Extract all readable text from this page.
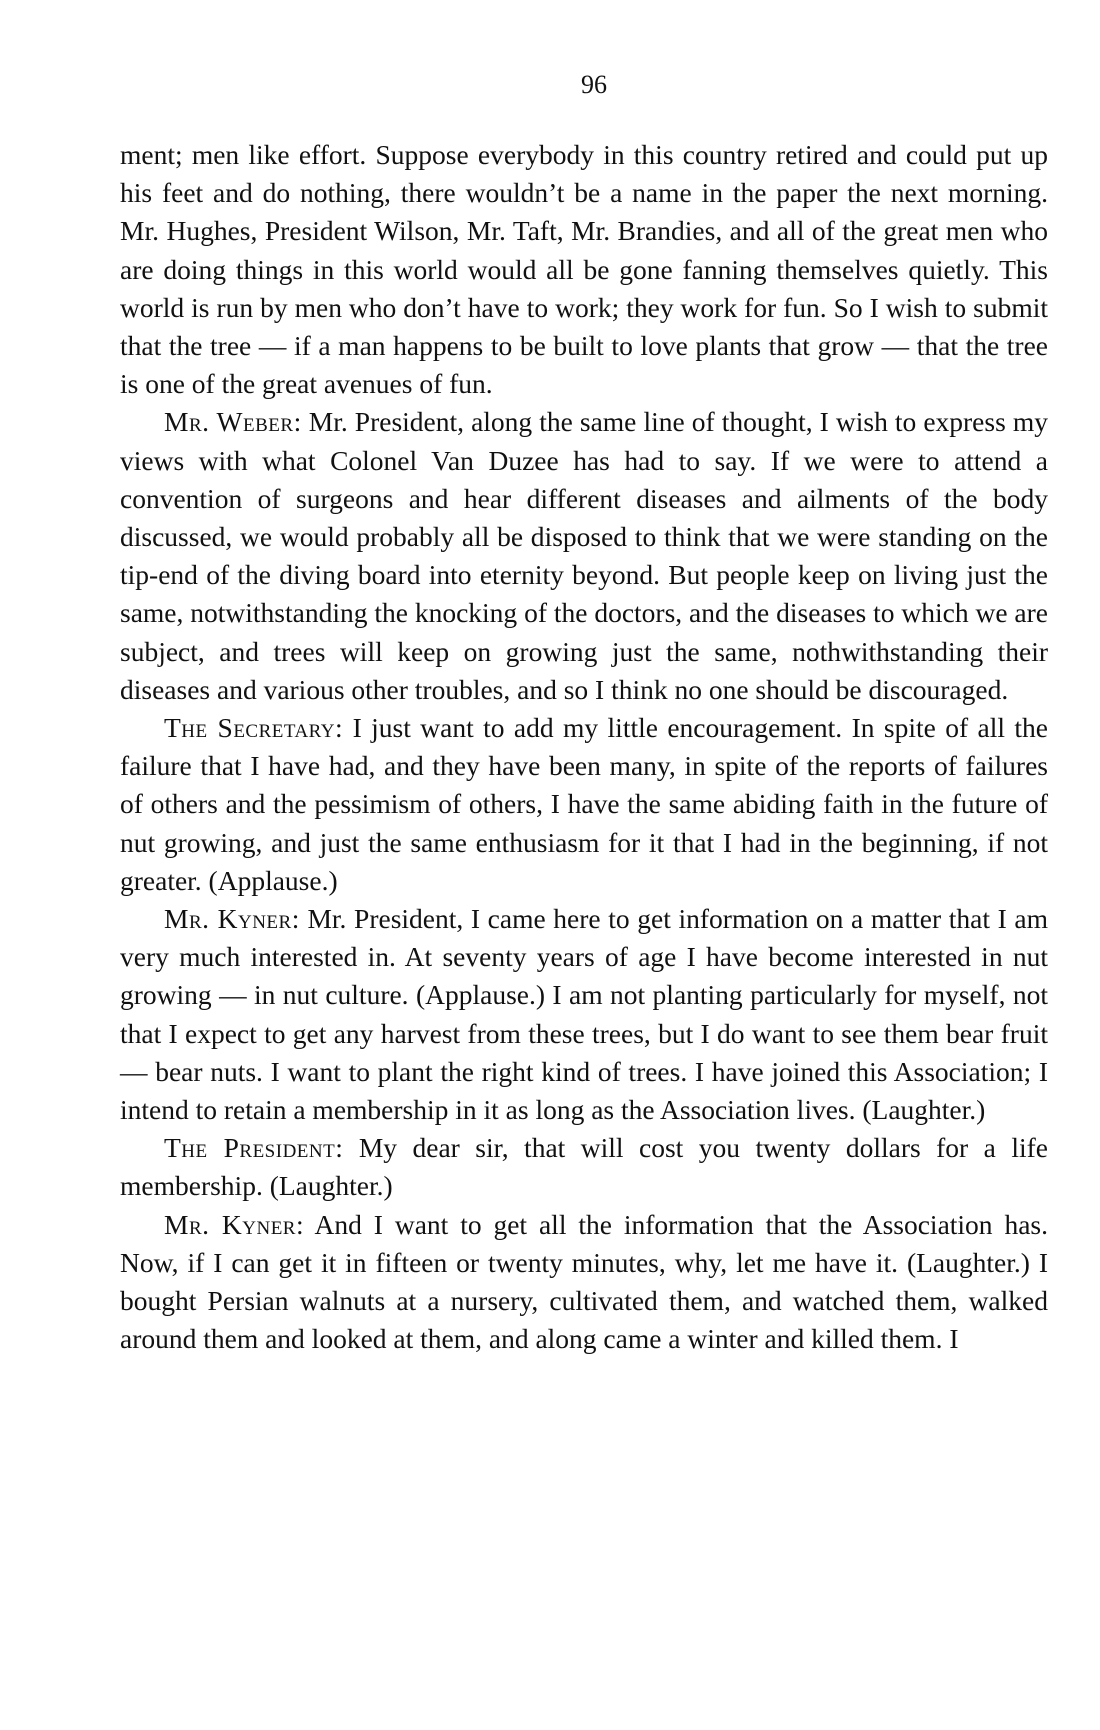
96

ment; men like effort. Suppose everybody in this country retired and could put up his feet and do nothing, there wouldn’t be a name in the paper the next morning. Mr. Hughes, President Wilson, Mr. Taft, Mr. Brandies, and all of the great men who are doing things in this world would all be gone fanning themselves quietly. This world is run by men who don’t have to work; they work for fun. So I wish to submit that the tree — if a man happens to be built to love plants that grow — that the tree is one of the great avenues of fun.

Mr. Weber: Mr. President, along the same line of thought, I wish to express my views with what Colonel Van Duzee has had to say. If we were to attend a convention of surgeons and hear different diseases and ailments of the body discussed, we would probably all be disposed to think that we were standing on the tip-end of the diving board into eternity beyond. But people keep on living just the same, notwithstanding the knocking of the doctors, and the diseases to which we are subject, and trees will keep on growing just the same, nothwithstanding their diseases and various other troubles, and so I think no one should be discouraged.

The Secretary: I just want to add my little encouragement. In spite of all the failure that I have had, and they have been many, in spite of the reports of failures of others and the pessimism of others, I have the same abiding faith in the future of nut growing, and just the same enthusiasm for it that I had in the beginning, if not greater. (Applause.)

Mr. Kyner: Mr. President, I came here to get information on a matter that I am very much interested in. At seventy years of age I have become interested in nut growing — in nut culture. (Applause.) I am not planting particularly for myself, not that I expect to get any harvest from these trees, but I do want to see them bear fruit — bear nuts. I want to plant the right kind of trees. I have joined this Association; I intend to retain a membership in it as long as the Association lives. (Laughter.)

The President: My dear sir, that will cost you twenty dollars for a life membership. (Laughter.)

Mr. Kyner: And I want to get all the information that the Association has. Now, if I can get it in fifteen or twenty minutes, why, let me have it. (Laughter.) I bought Persian walnuts at a nursery, cultivated them, and watched them, walked around them and looked at them, and along came a winter and killed them. I
